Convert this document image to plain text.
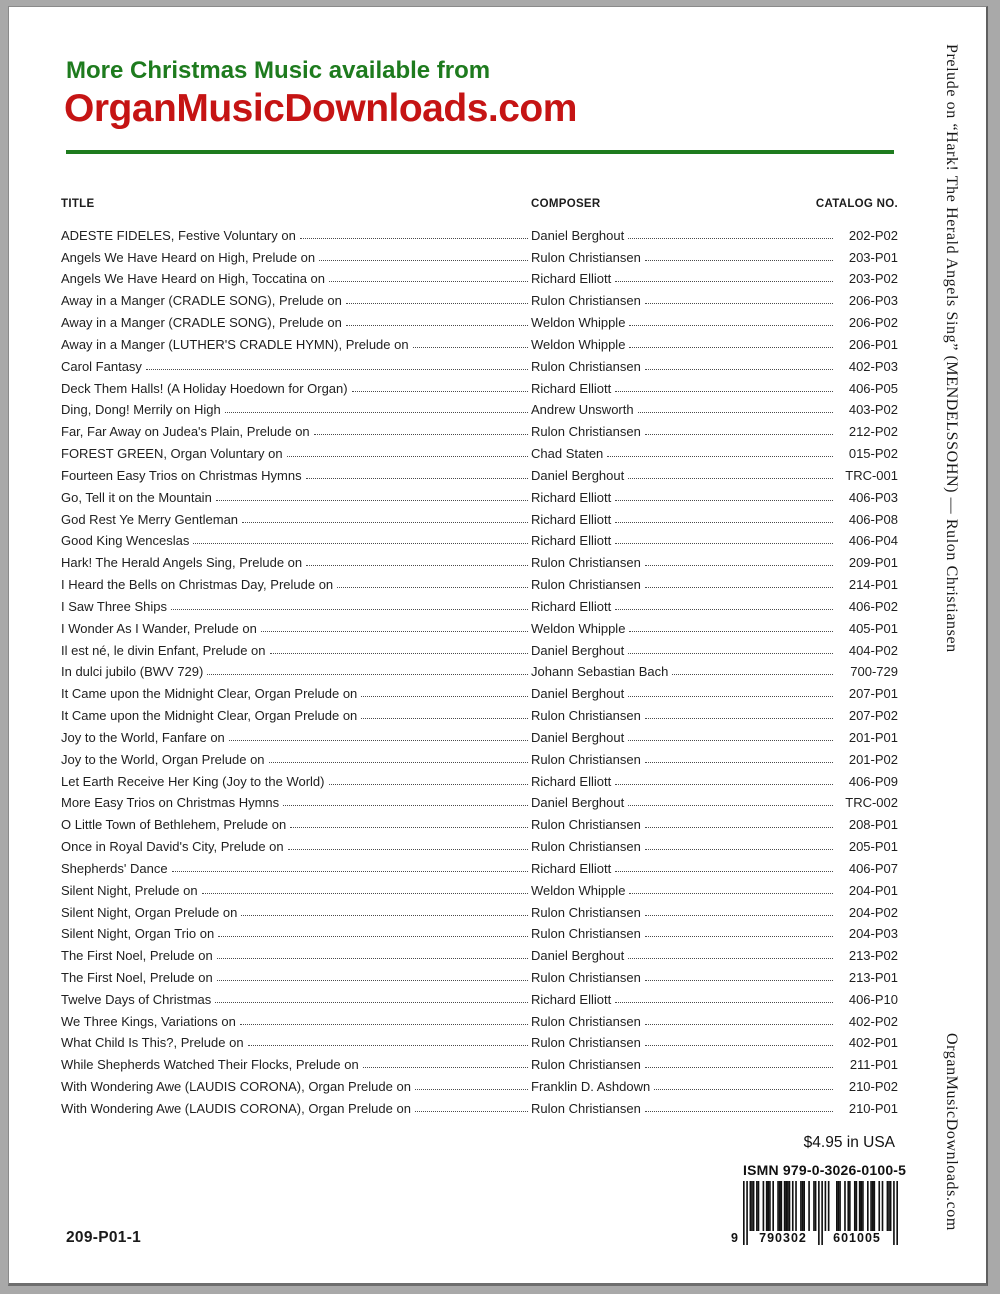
More Christmas Music available from
OrganMusicDownloads.com
TITLE	COMPOSER	CATALOG NO.
ADESTE FIDELES, Festive Voluntary on	Daniel Berghout	202-P02
Angels We Have Heard on High, Prelude on	Rulon Christiansen	203-P01
Angels We Have Heard on High, Toccatina on	Richard Elliott	203-P02
Away in a Manger (CRADLE SONG), Prelude on	Rulon Christiansen	206-P03
Away in a Manger (CRADLE SONG), Prelude on	Weldon Whipple	206-P02
Away in a Manger (LUTHER'S CRADLE HYMN), Prelude on	Weldon Whipple	206-P01
Carol Fantasy	Rulon Christiansen	402-P03
Deck Them Halls! (A Holiday Hoedown for Organ)	Richard Elliott	406-P05
Ding, Dong! Merrily on High	Andrew Unsworth	403-P02
Far, Far Away on Judea's Plain, Prelude on	Rulon Christiansen	212-P02
FOREST GREEN, Organ Voluntary on	Chad Staten	015-P02
Fourteen Easy Trios on Christmas Hymns	Daniel Berghout	TRC-001
Go, Tell it on the Mountain	Richard Elliott	406-P03
God Rest Ye Merry Gentleman	Richard Elliott	406-P08
Good King Wenceslas	Richard Elliott	406-P04
Hark! The Herald Angels Sing, Prelude on	Rulon Christiansen	209-P01
I Heard the Bells on Christmas Day, Prelude on	Rulon Christiansen	214-P01
I Saw Three Ships	Richard Elliott	406-P02
I Wonder As I Wander, Prelude on	Weldon Whipple	405-P01
Il est né, le divin Enfant, Prelude on	Daniel Berghout	404-P02
In dulci jubilo (BWV 729)	Johann Sebastian Bach	700-729
It Came upon the Midnight Clear, Organ Prelude on	Daniel Berghout	207-P01
It Came upon the Midnight Clear, Organ Prelude on	Rulon Christiansen	207-P02
Joy to the World, Fanfare on	Daniel Berghout	201-P01
Joy to the World, Organ Prelude on	Rulon Christiansen	201-P02
Let Earth Receive Her King (Joy to the World)	Richard Elliott	406-P09
More Easy Trios on Christmas Hymns	Daniel Berghout	TRC-002
O Little Town of Bethlehem, Prelude on	Rulon Christiansen	208-P01
Once in Royal David's City, Prelude on	Rulon Christiansen	205-P01
Shepherds' Dance	Richard Elliott	406-P07
Silent Night, Prelude on	Weldon Whipple	204-P01
Silent Night, Organ Prelude on	Rulon Christiansen	204-P02
Silent Night, Organ Trio on	Rulon Christiansen	204-P03
The First Noel, Prelude on	Daniel Berghout	213-P02
The First Noel, Prelude on	Rulon Christiansen	213-P01
Twelve Days of Christmas	Richard Elliott	406-P10
We Three Kings, Variations on	Rulon Christiansen	402-P02
What Child Is This?, Prelude on	Rulon Christiansen	402-P01
While Shepherds Watched Their Flocks, Prelude on	Rulon Christiansen	211-P01
With Wondering Awe (LAUDIS CORONA), Organ Prelude on	Franklin D. Ashdown	210-P02
With Wondering Awe (LAUDIS CORONA), Organ Prelude on	Rulon Christiansen	210-P01
$4.95 in USA
ISMN 979-0-3026-0100-5
9	790302	601005
209-P01-1
Prelude on “Hark! The Herald Angels Sing” (MENDELSSOHN) — Rulon Christiansen
OrganMusicDownloads.com
